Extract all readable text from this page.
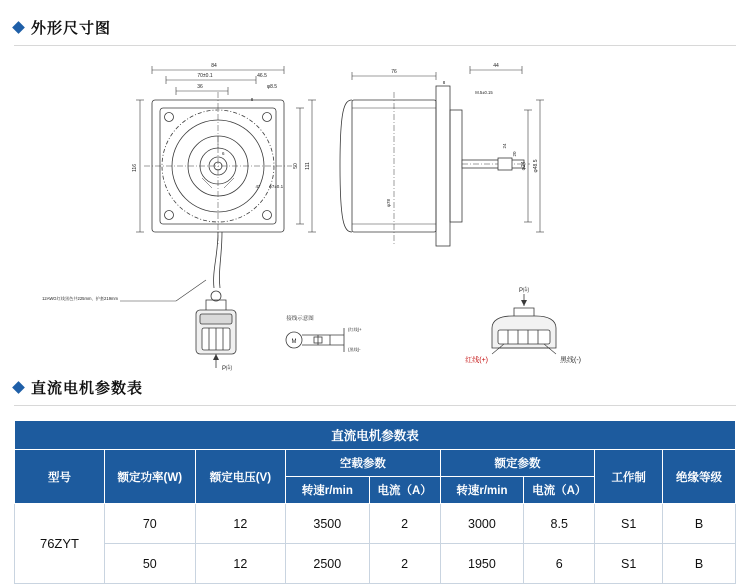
外形尺寸图
84
70±0.1	46.5
φ8.5
36
6
116	50 111
47 φ7±0.1
8
12AWG红线黑色共225mm、护套219mm
P向
76
44
8
M.5±0.15
φ48.5
φ24
20
24
φ78
接线示意图
M
(红线)+
(黑线)-
P向
红线(+)	黑线(-)
直流电机参数表
直流电机参数表								
型号	额定功率(W)	额定电压(V)	空载参数		额定参数		工作制	绝缘等级
			转速r/min	电流（A）	转速r/min	电流（A）		
76ZYT	70	12	3500	2	3000	8.5	S1	B
	50	12	2500	2	1950	6	S1	B
